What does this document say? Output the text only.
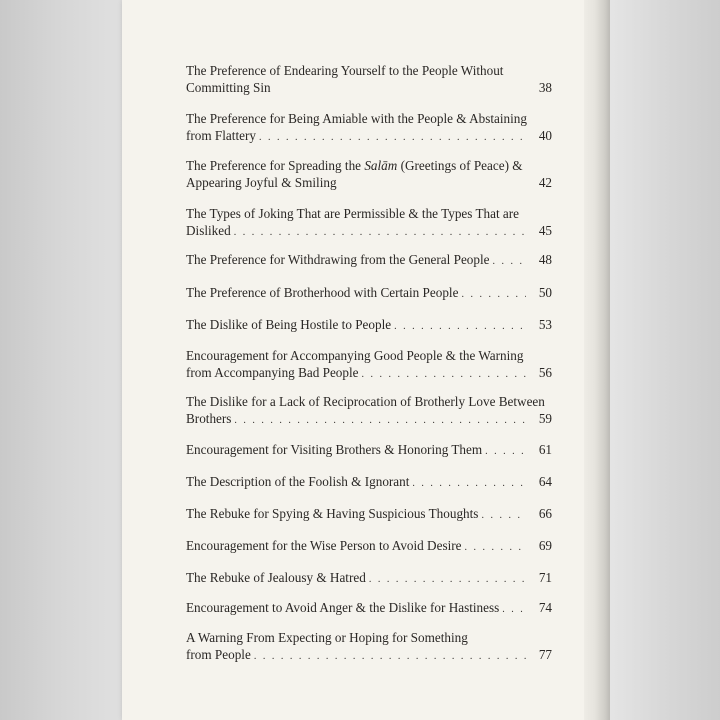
The Preference of Endearing Yourself to the People Without
Committing Sin	38
The Preference for Being Amiable with the People & Abstaining
from Flattery . . .	40
The Preference for Spreading the Salām (Greetings of Peace) &
Appearing Joyful & Smiling	42
The Types of Joking That are Permissible & the Types That are
Disliked . . .	45
The Preference for Withdrawing from the General People . . .	48
The Preference of Brotherhood with Certain People . . .	50
The Dislike of Being Hostile to People . . .	53
Encouragement for Accompanying Good People & the Warning
from Accompanying Bad People . . .	56
The Dislike for a Lack of Reciprocation of Brotherly Love Between
Brothers . . .	59
Encouragement for Visiting Brothers & Honoring Them . . .	61
The Description of the Foolish & Ignorant . . .	64
The Rebuke for Spying & Having Suspicious Thoughts . . .	66
Encouragement for the Wise Person to Avoid Desire . . .	69
The Rebuke of Jealousy & Hatred . . .	71
Encouragement to Avoid Anger & the Dislike for Hastiness . . .	74
A Warning From Expecting or Hoping for Something
from People . . .	77
